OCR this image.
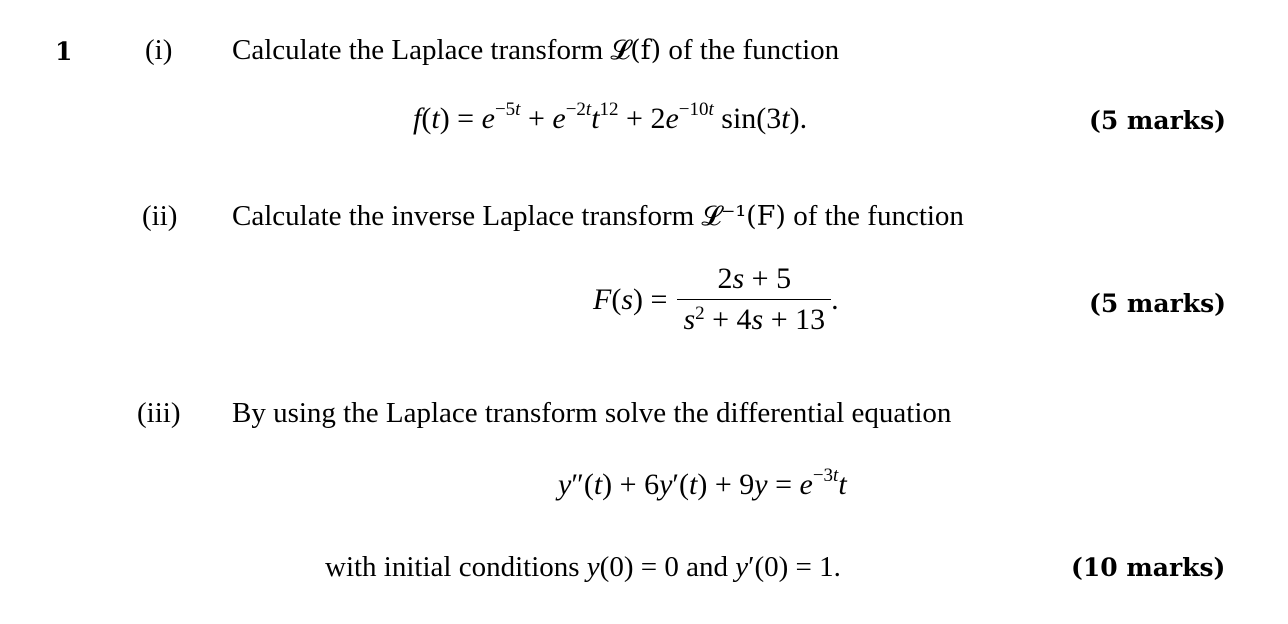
1	(i) Calculate the Laplace transform 𝓛(f) of the function
$f(t) = e^{-5t} + e^{-2t}t^{12} + 2e^{-10t}$ sin(3t).	(5 marks)
(ii) Calculate the inverse Laplace transform 𝓛⁻¹(F) of the function
$F(s) = \frac{2s + 5}{s^2 + 4s + 13}$ .	(5 marks)
(iii) By using the Laplace transform solve the differential equation
$y''(t) + 6y'(t) + 9y = e^{-3t}t$
with initial conditions y(0) = 0 and y′(0) = 1.	(10 marks)
